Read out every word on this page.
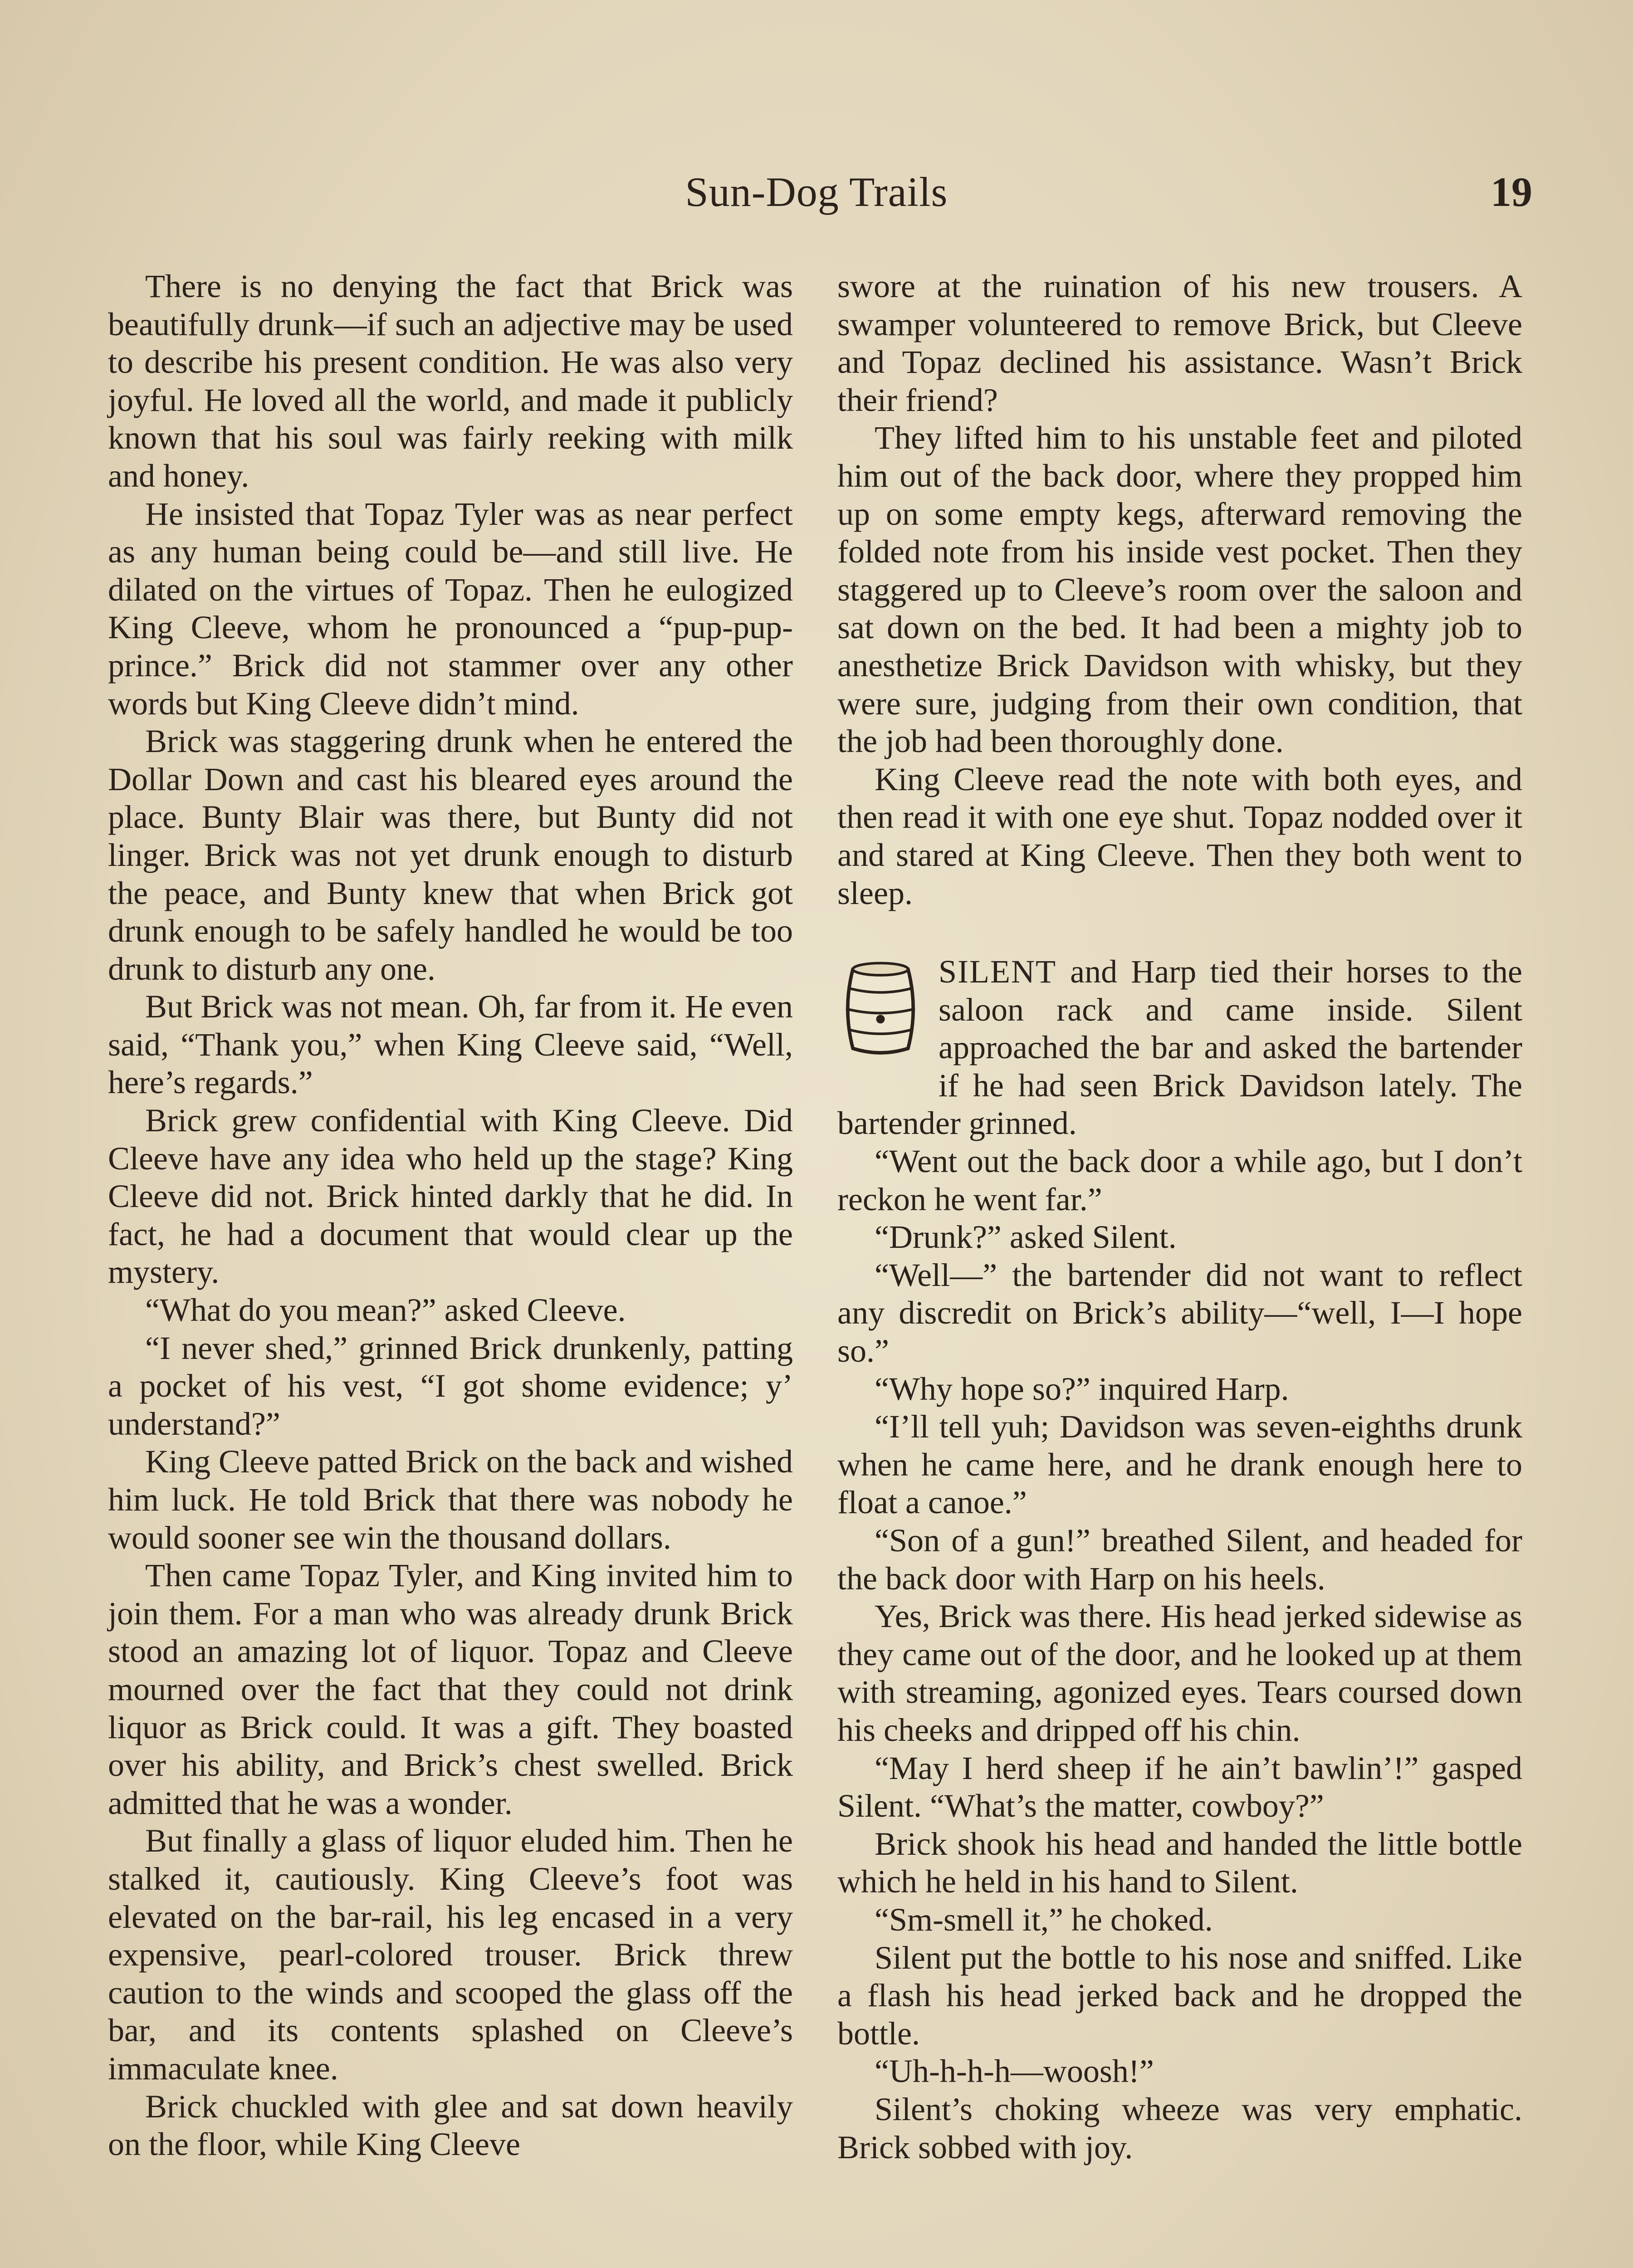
Sun-Dog Trails	19

There is no denying the fact that Brick was beautifully drunk—if such an adjective may be used to describe his present condition. He was also very joyful. He loved all the world, and made it publicly known that his soul was fairly reeking with milk and honey.

He insisted that Topaz Tyler was as near perfect as any human being could be—and still live. He dilated on the virtues of Topaz. Then he eulogized King Cleeve, whom he pronounced a “pup-pup-prince.” Brick did not stammer over any other words but King Cleeve didn’t mind.

Brick was staggering drunk when he entered the Dollar Down and cast his bleared eyes around the place. Bunty Blair was there, but Bunty did not linger. Brick was not yet drunk enough to disturb the peace, and Bunty knew that when Brick got drunk enough to be safely handled he would be too drunk to disturb any one.

But Brick was not mean. Oh, far from it. He even said, “Thank you,” when King Cleeve said, “Well, here’s regards.”

Brick grew confidential with King Cleeve. Did Cleeve have any idea who held up the stage? King Cleeve did not. Brick hinted darkly that he did. In fact, he had a document that would clear up the mystery.

“What do you mean?” asked Cleeve.

“I never shed,” grinned Brick drunkenly, patting a pocket of his vest, “I got shome evidence; y’ understand?”

King Cleeve patted Brick on the back and wished him luck. He told Brick that there was nobody he would sooner see win the thousand dollars.

Then came Topaz Tyler, and King invited him to join them. For a man who was already drunk Brick stood an amazing lot of liquor. Topaz and Cleeve mourned over the fact that they could not drink liquor as Brick could. It was a gift. They boasted over his ability, and Brick’s chest swelled. Brick admitted that he was a wonder.

But finally a glass of liquor eluded him. Then he stalked it, cautiously. King Cleeve’s foot was elevated on the bar-rail, his leg encased in a very expensive, pearl-colored trouser. Brick threw caution to the winds and scooped the glass off the bar, and its contents splashed on Cleeve’s immaculate knee.

Brick chuckled with glee and sat down heavily on the floor, while King Cleeve

swore at the ruination of his new trousers. A swamper volunteered to remove Brick, but Cleeve and Topaz declined his assistance. Wasn’t Brick their friend?

They lifted him to his unstable feet and piloted him out of the back door, where they propped him up on some empty kegs, afterward removing the folded note from his inside vest pocket. Then they staggered up to Cleeve’s room over the saloon and sat down on the bed. It had been a mighty job to anesthetize Brick Davidson with whisky, but they were sure, judging from their own condition, that the job had been thoroughly done.

King Cleeve read the note with both eyes, and then read it with one eye shut. Topaz nodded over it and stared at King Cleeve. Then they both went to sleep.

SILENT and Harp tied their horses to the saloon rack and came inside. Silent approached the bar and asked the bartender if he had seen Brick Davidson lately. The bartender grinned.

“Went out the back door a while ago, but I don’t reckon he went far.”

“Drunk?” asked Silent.

“Well—” the bartender did not want to reflect any discredit on Brick’s ability—“well, I—I hope so.”

“Why hope so?” inquired Harp.

“I’ll tell yuh; Davidson was seven-eighths drunk when he came here, and he drank enough here to float a canoe.”

“Son of a gun!” breathed Silent, and headed for the back door with Harp on his heels.

Yes, Brick was there. His head jerked sidewise as they came out of the door, and he looked up at them with streaming, agonized eyes. Tears coursed down his cheeks and dripped off his chin.

“May I herd sheep if he ain’t bawlin’!” gasped Silent. “What’s the matter, cowboy?”

Brick shook his head and handed the little bottle which he held in his hand to Silent.

“Sm-smell it,” he choked.

Silent put the bottle to his nose and sniffed. Like a flash his head jerked back and he dropped the bottle.

“Uh-h-h-h—woosh!”

Silent’s choking wheeze was very emphatic. Brick sobbed with joy.
